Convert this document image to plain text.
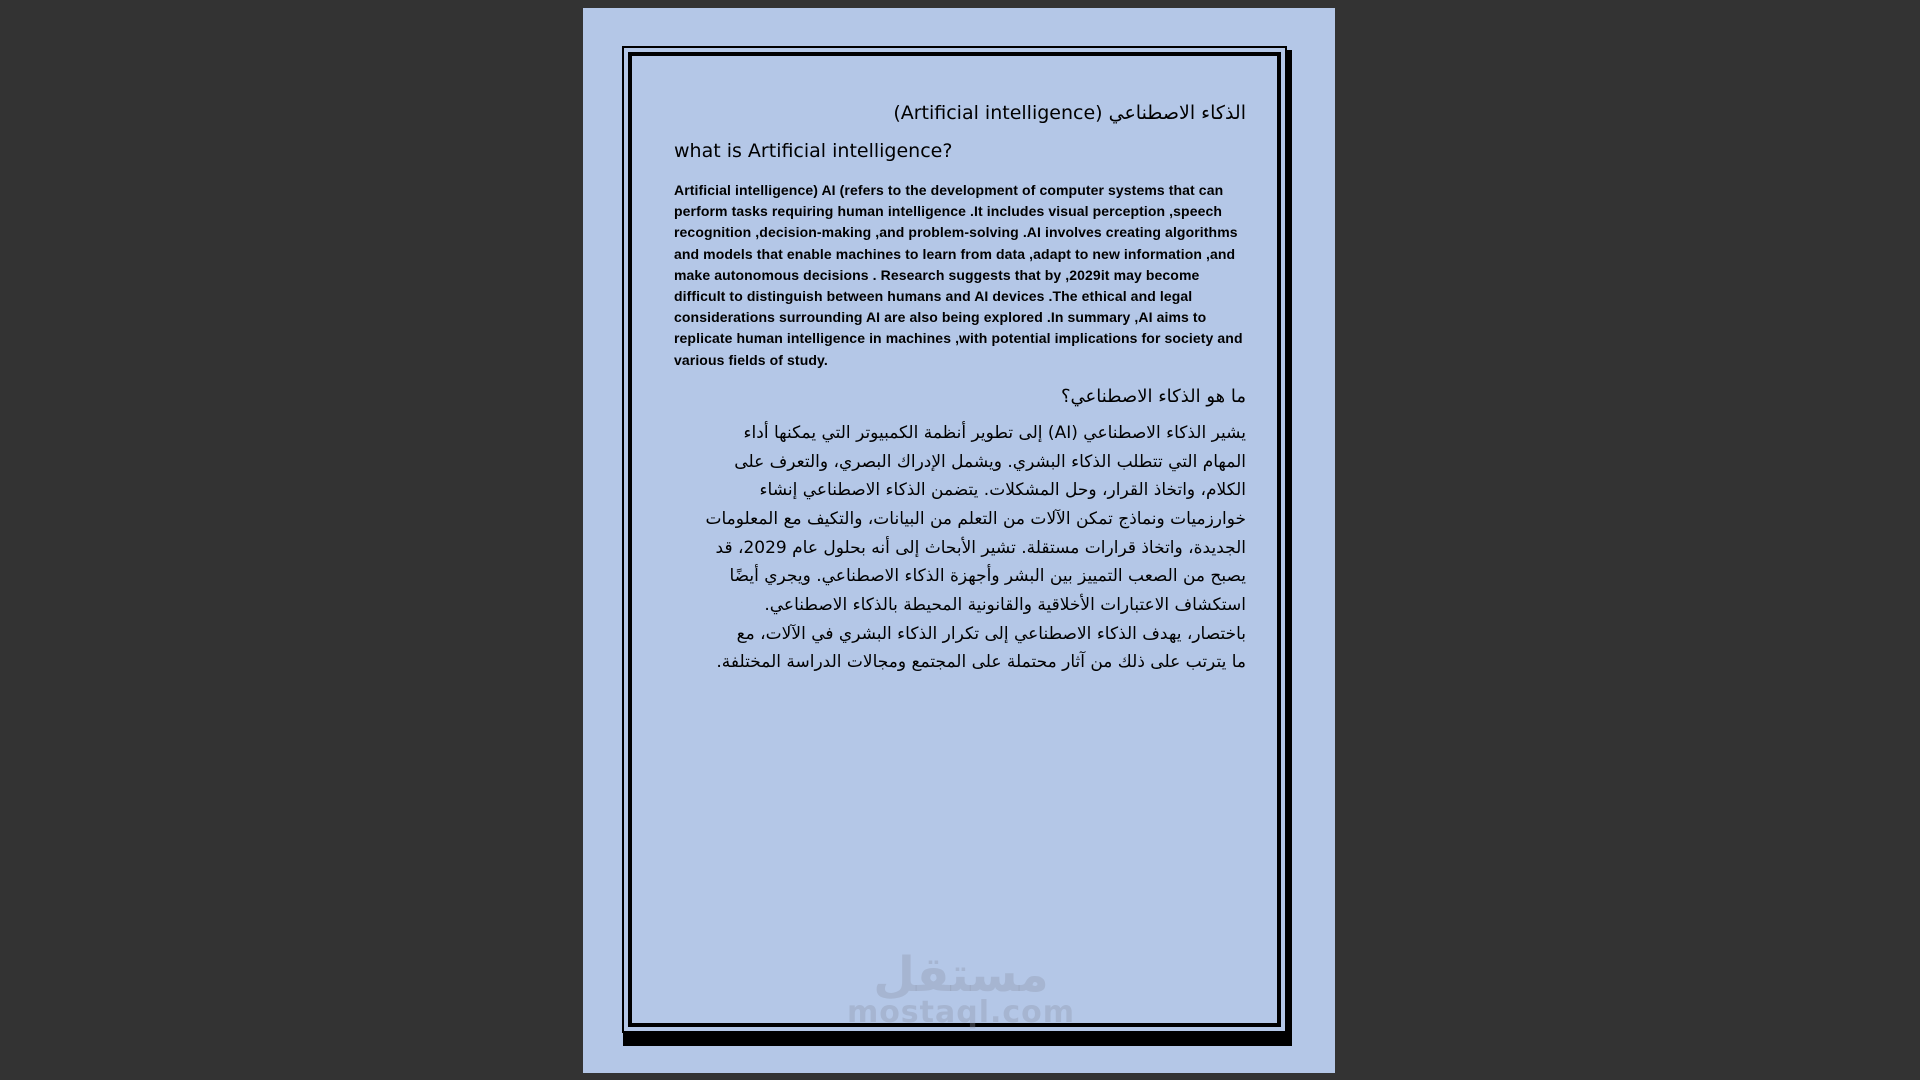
الذكاء الاصطناعي (Artificial intelligence)

what is Artificial intelligence?

Artificial intelligence) AI (refers to the development of computer systems that can perform tasks requiring human intelligence .It includes visual perception ,speech recognition ,decision-making ,and problem-solving .AI involves creating algorithms and models that enable machines to learn from data ,adapt to new information ,and make autonomous decisions . Research suggests that by ,2029it may become difficult to distinguish between humans and AI devices .The ethical and legal considerations surrounding AI are also being explored .In summary ,AI aims to replicate human intelligence in machines ,with potential implications for society and various fields of study.

ما هو الذكاء الاصطناعي؟

يشير الذكاء الاصطناعي (AI) إلى تطوير أنظمة الكمبيوتر التي يمكنها أداء
المهام التي تتطلب الذكاء البشري. ويشمل الإدراك البصري، والتعرف على
الكلام، واتخاذ القرار، وحل المشكلات. يتضمن الذكاء الاصطناعي إنشاء
خوارزميات ونماذج تمكن الآلات من التعلم من البيانات، والتكيف مع المعلومات
الجديدة، واتخاذ قرارات مستقلة. تشير الأبحاث إلى أنه بحلول عام 2029، قد
يصبح من الصعب التمييز بين البشر وأجهزة الذكاء الاصطناعي. ويجري أيضًا
استكشاف الاعتبارات الأخلاقية والقانونية المحيطة بالذكاء الاصطناعي.
باختصار، يهدف الذكاء الاصطناعي إلى تكرار الذكاء البشري في الآلات، مع
ما يترتب على ذلك من آثار محتملة على المجتمع ومجالات الدراسة المختلفة.

مستقل
mostaql.com
